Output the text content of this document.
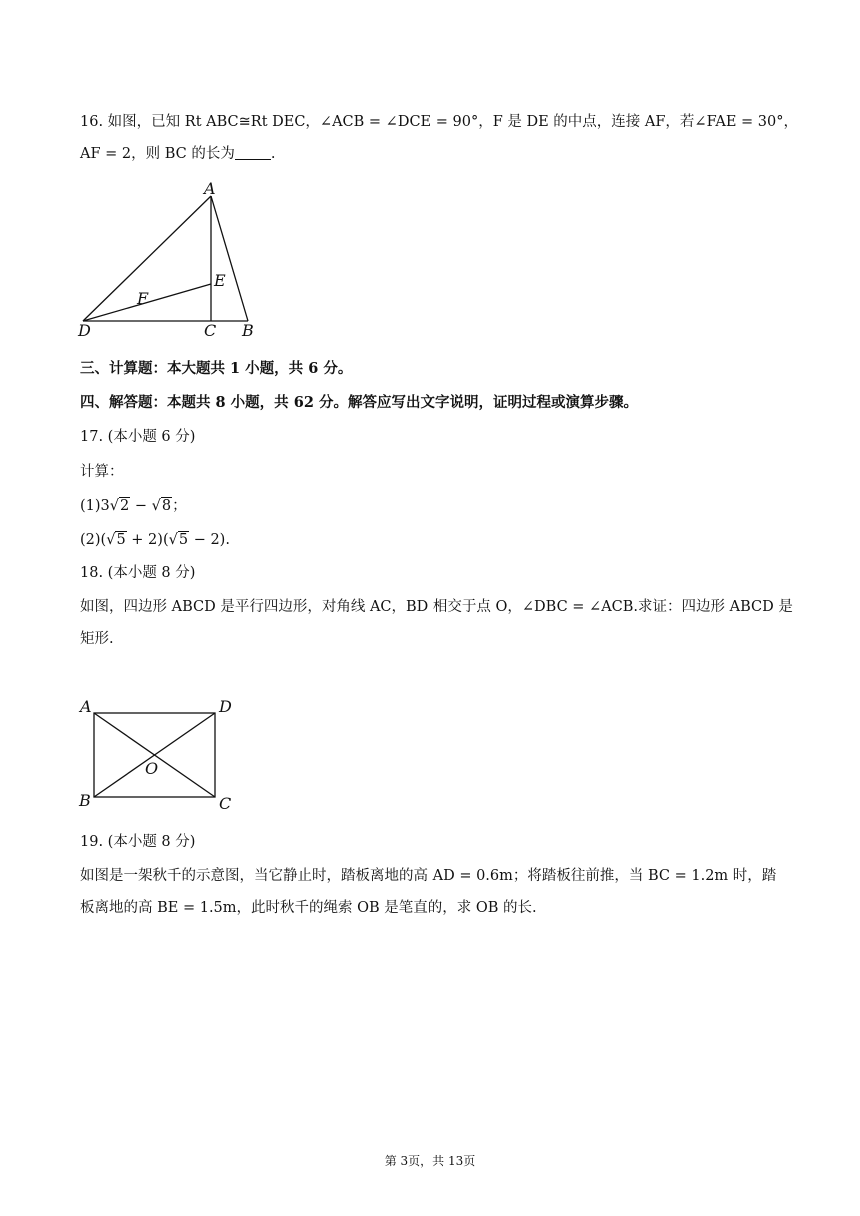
16. 如图，已知 Rt ABC≅Rt DEC，∠ACB = ∠DCE = 90°，F 是 DE 的中点，连接 AF，若∠FAE = 30°，
AF = 2，则 BC 的长为 .
A
E
F
D	C B
三、计算题：本大题共 1 小题，共 6 分。
四、解答题：本题共 8 小题，共 62 分。解答应写出文字说明，证明过程或演算步骤。
17. (本小题 6 分)
计算：
(1)3√2 − √8；
(2)(√5 + 2)(√5 − 2).
18. (本小题 8 分)
如图，四边形 ABCD 是平行四边形，对角线 AC，BD 相交于点 O，∠DBC = ∠ACB.求证：四边形 ABCD 是
矩形.
A	D
O
B	C
19. (本小题 8 分)
如图是一架秋千的示意图，当它静止时，踏板离地的高 AD = 0.6m；将踏板往前推，当 BC = 1.2m 时，踏
板离地的高 BE = 1.5m，此时秋千的绳索 OB 是笔直的，求 OB 的长.
第 3页，共 13页
